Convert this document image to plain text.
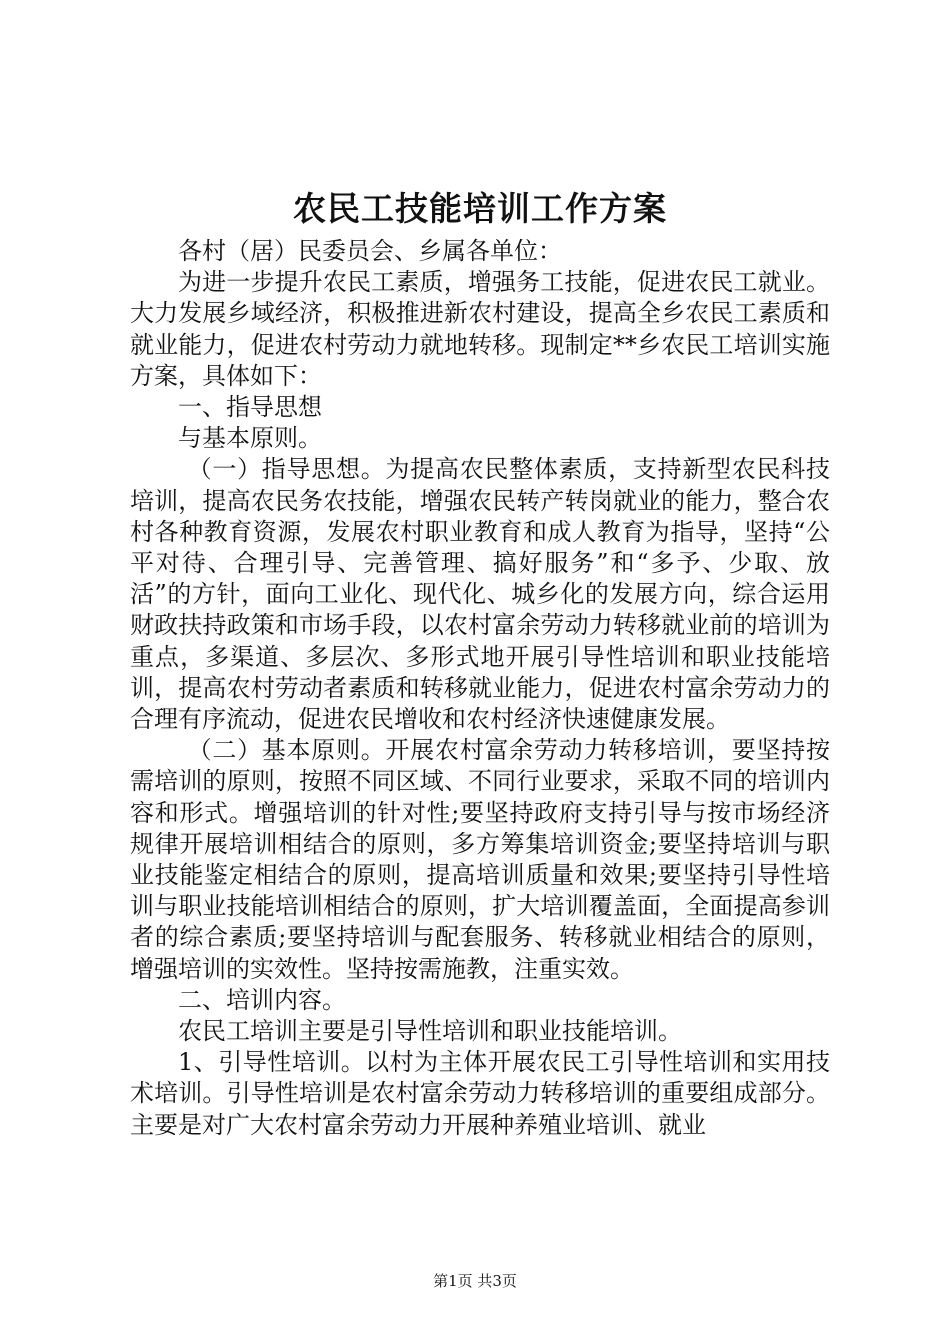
农民工技能培训工作方案

各村（居）民委员会、乡属各单位：

为进一步提升农民工素质，增强务工技能，促进农民工就业。大力发展乡域经济，积极推进新农村建设，提高全乡农民工素质和就业能力，促进农村劳动力就地转移。现制定**乡农民工培训实施方案，具体如下：

一、指导思想

与基本原则。

（一）指导思想。为提高农民整体素质，支持新型农民科技培训，提高农民务农技能，增强农民转产转岗就业的能力，整合农村各种教育资源，发展农村职业教育和成人教育为指导，坚持“公平对待、合理引导、完善管理、搞好服务”和“多予、少取、放活”的方针，面向工业化、现代化、城乡化的发展方向，综合运用财政扶持政策和市场手段，以农村富余劳动力转移就业前的培训为重点，多渠道、多层次、多形式地开展引导性培训和职业技能培训，提高农村劳动者素质和转移就业能力，促进农村富余劳动力的合理有序流动，促进农民增收和农村经济快速健康发展。

（二）基本原则。开展农村富余劳动力转移培训，要坚持按需培训的原则，按照不同区域、不同行业要求，采取不同的培训内容和形式。增强培训的针对性;要坚持政府支持引导与按市场经济规律开展培训相结合的原则，多方筹集培训资金;要坚持培训与职业技能鉴定相结合的原则，提高培训质量和效果;要坚持引导性培训与职业技能培训相结合的原则，扩大培训覆盖面，全面提高参训者的综合素质;要坚持培训与配套服务、转移就业相结合的原则，增强培训的实效性。坚持按需施教，注重实效。

二、培训内容。

农民工培训主要是引导性培训和职业技能培训。

1、引导性培训。以村为主体开展农民工引导性培训和实用技术培训。引导性培训是农村富余劳动力转移培训的重要组成部分。主要是对广大农村富余劳动力开展种养殖业培训、就业

第1页 共3页
